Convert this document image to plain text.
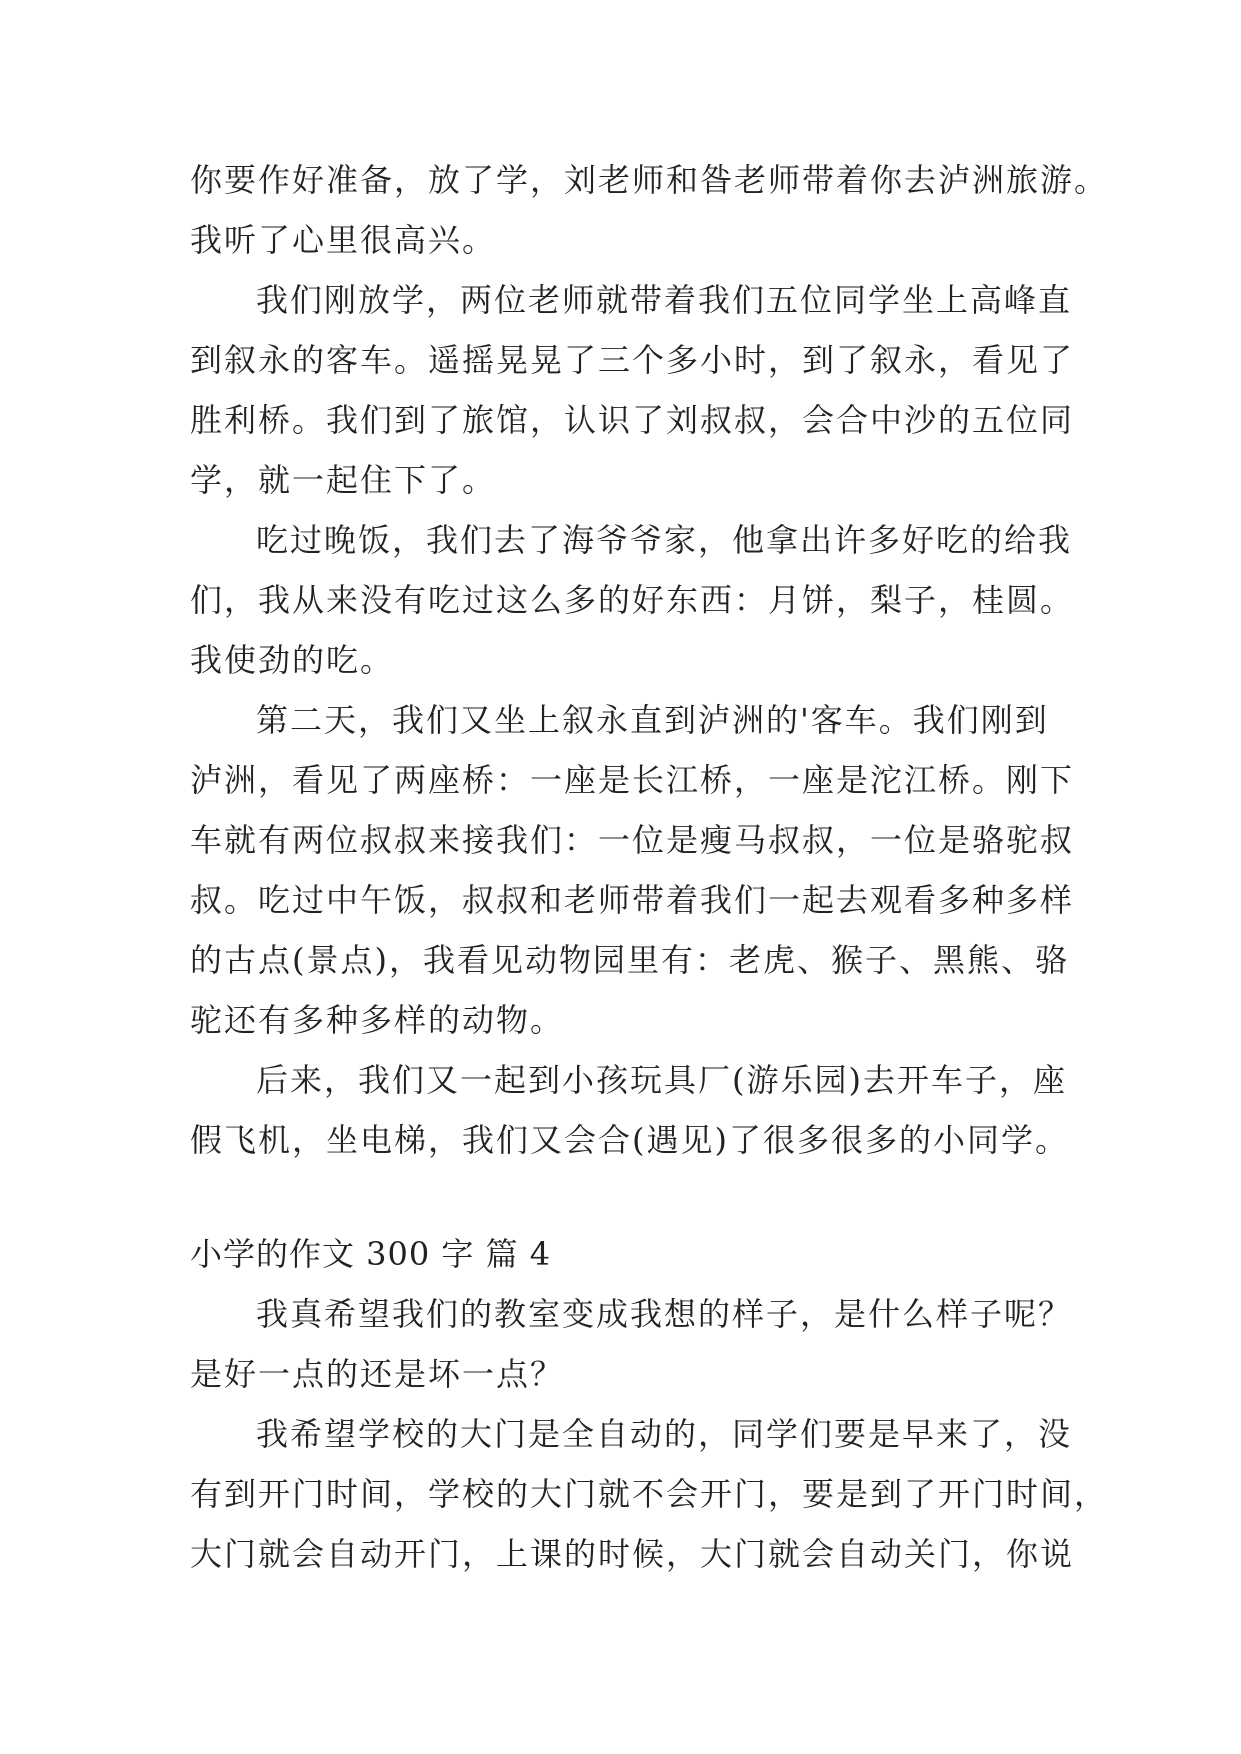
你要作好准备，放了学，刘老师和昝老师带着你去泸洲旅游。
我听了心里很高兴。
我们刚放学，两位老师就带着我们五位同学坐上高峰直
到叙永的客车。遥摇晃晃了三个多小时，到了叙永，看见了
胜利桥。我们到了旅馆，认识了刘叔叔，会合中沙的五位同
学，就一起住下了。
吃过晚饭，我们去了海爷爷家，他拿出许多好吃的给我
们，我从来没有吃过这么多的好东西：月饼，梨子，桂圆。
我使劲的吃。
第二天，我们又坐上叙永直到泸洲的'客车。我们刚到
泸洲，看见了两座桥：一座是长江桥，一座是沱江桥。刚下
车就有两位叔叔来接我们：一位是瘦马叔叔，一位是骆驼叔
叔。吃过中午饭，叔叔和老师带着我们一起去观看多种多样
的古点(景点)，我看见动物园里有：老虎、猴子、黑熊、骆
驼还有多种多样的动物。
后来，我们又一起到小孩玩具厂(游乐园)去开车子，座
假飞机，坐电梯，我们又会合(遇见)了很多很多的小同学。
小学的作文 300 字 篇 4
我真希望我们的教室变成我想的样子，是什么样子呢？
是好一点的还是坏一点？
我希望学校的大门是全自动的，同学们要是早来了，没
有到开门时间，学校的大门就不会开门，要是到了开门时间，
大门就会自动开门，上课的时候，大门就会自动关门，你说
